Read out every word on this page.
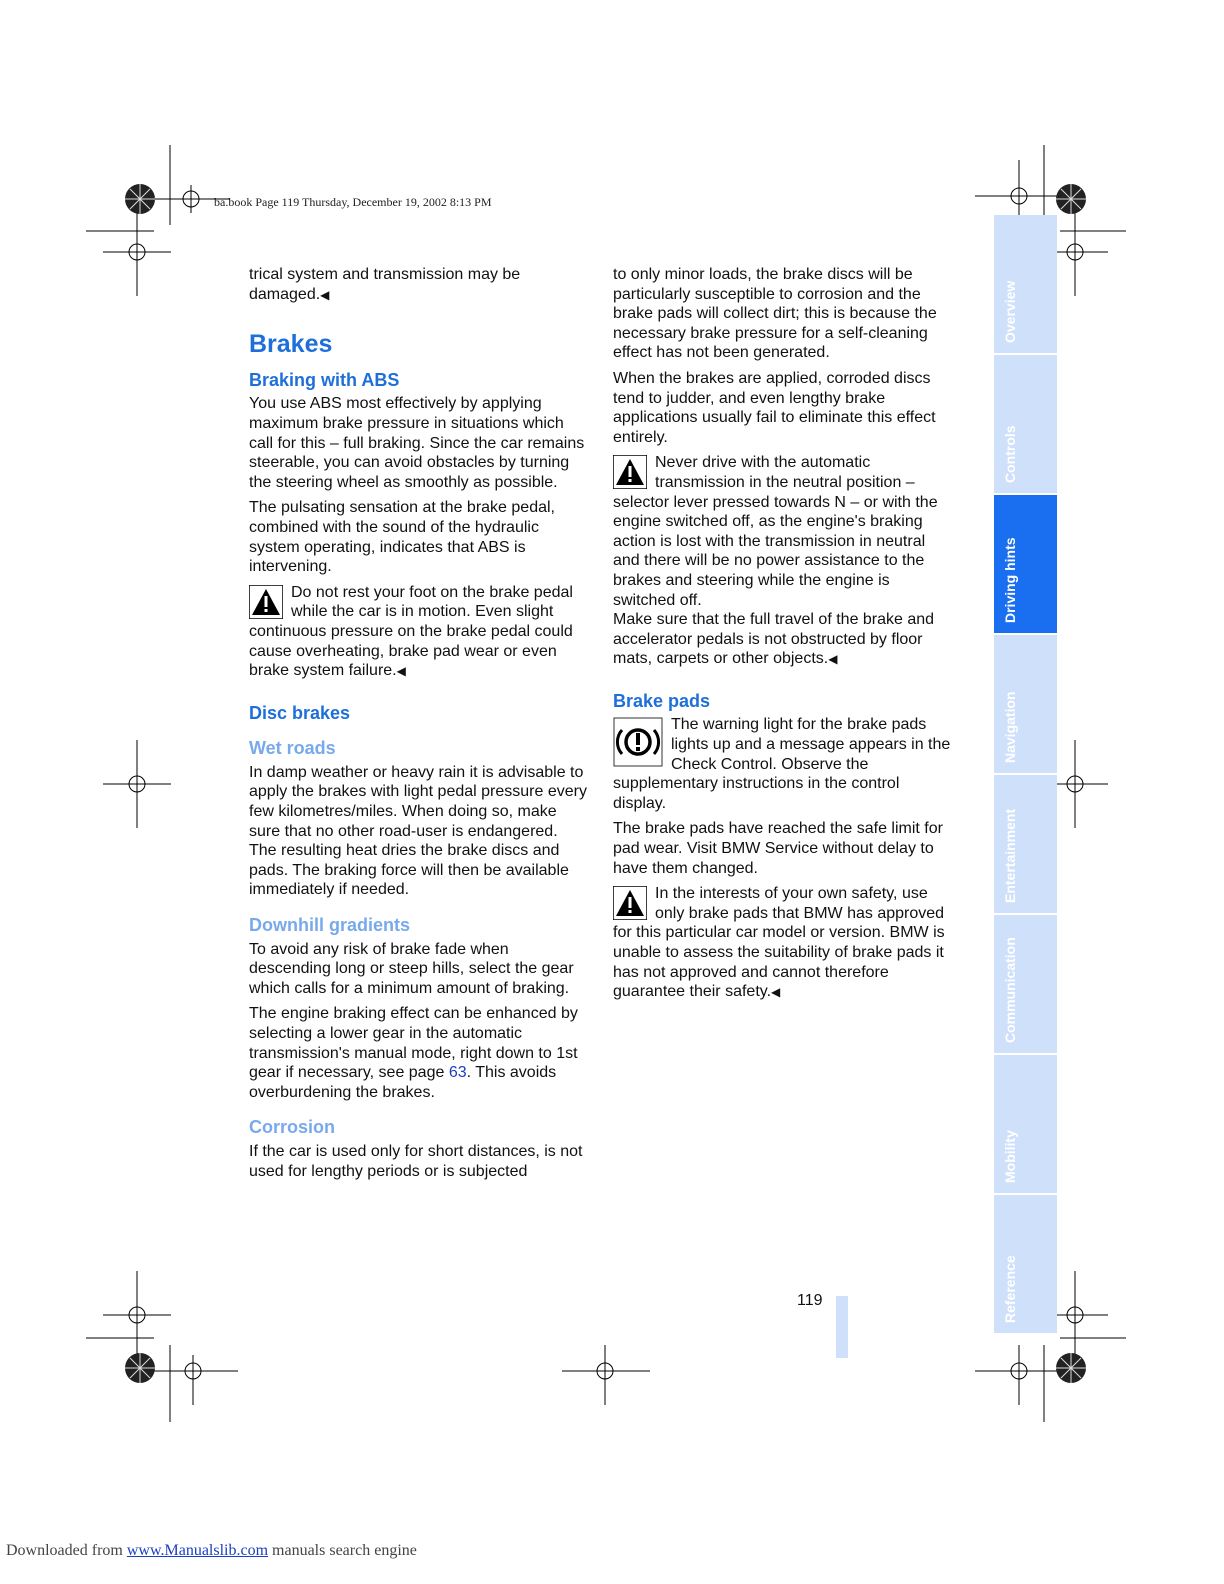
ba.book Page 119 Thursday, December 19, 2002 8:13 PM

trical system and transmission may be damaged.◀

Brakes
Braking with ABS

You use ABS most effectively by applying maximum brake pressure in situations which call for this – full braking. Since the car remains steerable, you can avoid obstacles by turning the steering wheel as smoothly as possible.

The pulsating sensation at the brake pedal, combined with the sound of the hydraulic system operating, indicates that ABS is intervening.

Do not rest your foot on the brake pedal while the car is in motion. Even slight continuous pressure on the brake pedal could cause overheating, brake pad wear or even brake system failure.◀

Disc brakes
Wet roads

In damp weather or heavy rain it is advisable to apply the brakes with light pedal pressure every few kilometres/miles. When doing so, make sure that no other road-user is endangered. The resulting heat dries the brake discs and pads. The braking force will then be available immediately if needed.

Downhill gradients

To avoid any risk of brake fade when descending long or steep hills, select the gear which calls for a minimum amount of braking.

The engine braking effect can be enhanced by selecting a lower gear in the automatic transmission's manual mode, right down to 1st gear if necessary, see page 63. This avoids overburdening the brakes.

Corrosion

If the car is used only for short distances, is not used for lengthy periods or is subjected

to only minor loads, the brake discs will be particularly susceptible to corrosion and the brake pads will collect dirt; this is because the necessary brake pressure for a self-cleaning effect has not been generated.

When the brakes are applied, corroded discs tend to judder, and even lengthy brake applications usually fail to eliminate this effect entirely.

Never drive with the automatic transmission in the neutral position – selector lever pressed towards N – or with the engine switched off, as the engine's braking action is lost with the transmission in neutral and there will be no power assistance to the brakes and steering while the engine is switched off.

Make sure that the full travel of the brake and accelerator pedals is not obstructed by floor mats, carpets or other objects.◀

Brake pads

The warning light for the brake pads lights up and a message appears in the Check Control. Observe the supplementary instructions in the control display.

The brake pads have reached the safe limit for pad wear. Visit BMW Service without delay to have them changed.

In the interests of your own safety, use only brake pads that BMW has approved for this particular car model or version. BMW is unable to assess the suitability of brake pads it has not approved and cannot therefore guarantee their safety.◀

Overview
Controls
Driving hints
Navigation
Entertainment
Communication
Mobility
Reference
119
Downloaded from www.Manualslib.com manuals search engine
